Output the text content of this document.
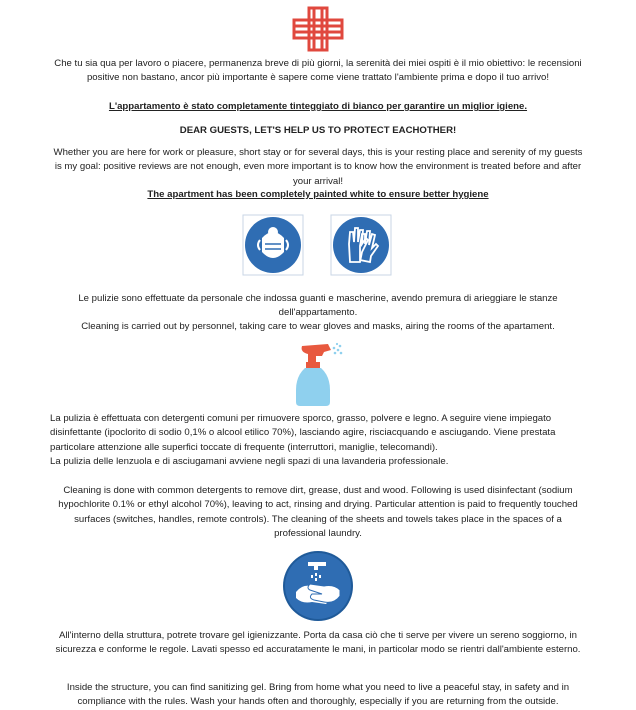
Che tu sia qua per lavoro o piacere, permanenza breve di più giorni, la serenità dei miei ospiti è il mio obiettivo: le recensioni positive non bastano, ancor più importante è sapere come viene trattato l'ambiente prima e dopo il tuo arrivo!

L'appartamento è stato completamente tinteggiato di bianco per garantire un miglior igiene.

DEAR GUESTS, LET'S HELP US TO PROTECT EACHOTHER!

Whether you are here for work or pleasure, short stay or for several days, this is your resting place and serenity of my guests is my goal: positive reviews are not enough, even more important is to know how the environment is treated before and after your arrival!

The apartment has been completely painted white to ensure better hygiene

Le pulizie sono effettuate da personale che indossa guanti e mascherine, avendo premura di arieggiare le stanze dell'appartamento.

Cleaning is carried out by personnel, taking care to wear gloves and masks, airing the rooms of the apartament.

La pulizia è effettuata con detergenti comuni per rimuovere sporco, grasso, polvere e legno. A seguire viene impiegato disinfettante (ipoclorito di sodio 0,1% o alcool etilico 70%), lasciando agire, risciacquando e asciugando. Viene prestata particolare attenzione alle superfici toccate di frequente (interruttori, maniglie, telecomandi).

La pulizia delle lenzuola e di asciugamani avviene negli spazi di una lavanderia professionale.

Cleaning is done with common detergents to remove dirt, grease, dust and wood. Following is used disinfectant (sodium hypochlorite 0.1% or ethyl alcohol 70%), leaving to act, rinsing and drying. Particular attention is paid to frequently touched surfaces (switches, handles, remote controls). The cleaning of the sheets and towels takes place in the spaces of a professional laundry.

All'interno della struttura, potrete trovare gel igienizzante. Porta da casa ciò che ti serve per vivere un sereno soggiorno, in sicurezza e conforme le regole. Lavati spesso ed accuratamente le mani, in particolar modo se rientri dall'ambiente esterno.

Inside the structure, you can find sanitizing gel. Bring from home what you need to live a peaceful stay, in safety and in compliance with the rules. Wash your hands often and thoroughly, especially if you are returning from the outside.
